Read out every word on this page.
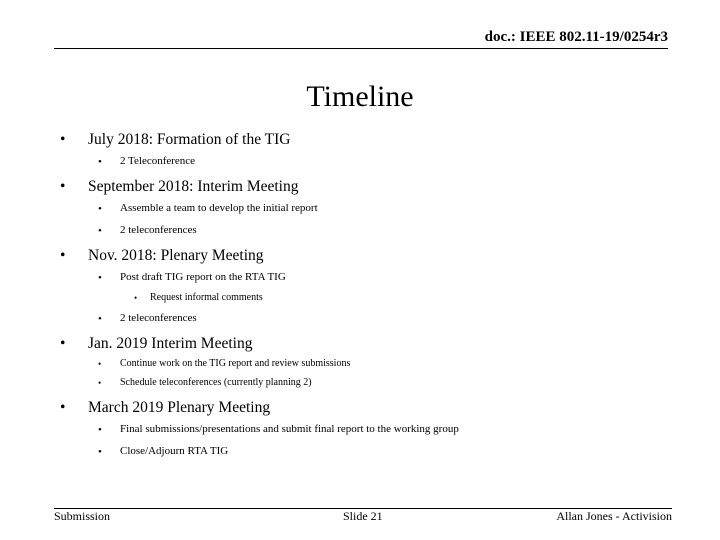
doc.: IEEE 802.11-19/0254r3
Timeline
• July 2018: Formation of the TIG
• 2 Teleconference
• September 2018: Interim Meeting
• Assemble a team to develop the initial report
• 2 teleconferences
• Nov. 2018: Plenary Meeting
• Post draft TIG report on the RTA TIG
• Request informal comments
• 2 teleconferences
• Jan. 2019 Interim Meeting
• Continue work on the TIG report and review submissions
• Schedule teleconferences (currently planning 2)
• March 2019 Plenary Meeting
• Final submissions/presentations and submit final report to the working group
• Close/Adjourn RTA TIG
Submission	Slide 21	Allan Jones - Activision
